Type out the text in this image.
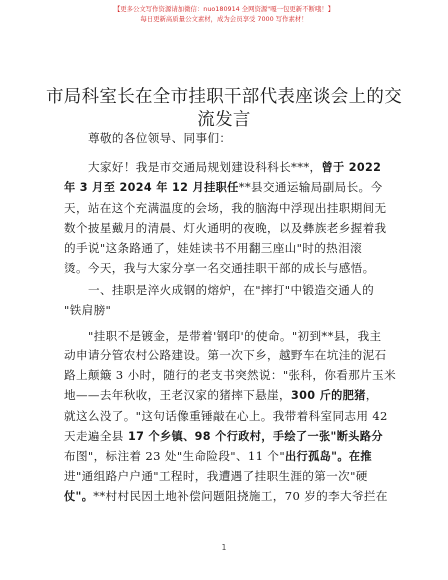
【更多公文写作资源请加微信：nuo180914 全网资源"嘎一包更新不断哦！】
每日更新高质量公文素材，成为会员享受 7000 写作素材！
市局科室长在全市挂职干部代表座谈会上的交
流发言
尊敬的各位领导、同事们：
大家好！我是市交通局规划建设科科长***，曾于 2022
年 3 月至 2024 年 12 月挂职任**县交通运输局副局长。今
天，站在这个充满温度的会场，我的脑海中浮现出挂职期间无
数个披星戴月的清晨、灯火通明的夜晚，以及彝族老乡握着我
的手说"这条路通了，娃娃读书不用翻三座山"时的热泪滚
烫。今天，我与大家分享一名交通挂职干部的成长与感悟。
一、挂职是淬火成钢的熔炉，在"摔打"中锻造交通人的
"铁肩膀"
"挂职不是镀金，是带着'钢印'的使命。"初到**县，我主
动申请分管农村公路建设。第一次下乡，越野车在坑洼的泥石
路上颠簸 3 小时，随行的老支书突然说："张科，你看那片玉米
地——去年秋收，王老汉家的猪摔下悬崖，300 斤的肥猪，
就这么没了。"这句话像重锤敲在心上。我带着科室同志用 42
天走遍全县 17 个乡镇、98 个行政村，手绘了一张"断头路分
布图"，标注着 23 处"生命险段"、11 个"出行孤岛"。在推
进"通组路户户通"工程时，我遭遇了挂职生涯的第一次"硬
仗"。**村村民因土地补偿问题阻挠施工，70 岁的李大爷拦在
1
